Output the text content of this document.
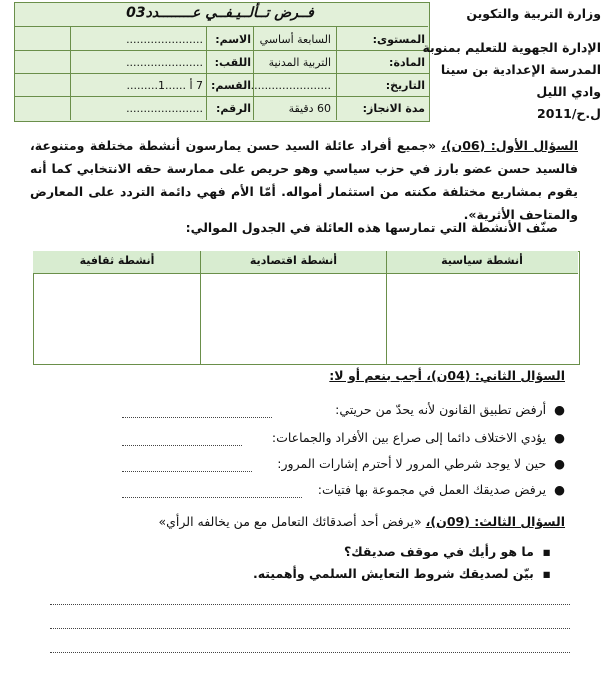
فــرض تــألــيـفــي عــــــــدد03
المستوى:
السابعة أساسي
المادة:
التربية المدنية
التاريخ:
.......................
مدة الانجاز:
60 دقيقة
الاسم:
......................
اللقب:
......................
القسم:
7 أ ......1.........
الرقم:
......................
وزارة التربية والتكوين
الإدارة الجهوية للتعليم بمنوبة
المدرسة الإعدادية بن سينا
وادي الليل
ل.ح/2011
السؤال الأول: (06ن)، «جميع أفراد عائلة السيد حسن يمارسون أنشطة مختلفة ومتنوعة، فالسيد حسن عضو بارز في حزب سياسي وهو حريص على ممارسة حقه الانتخابي كما أنه يقوم بمشاريع مختلفة مكنته من استثمار أمواله. أمّا الأم فهي دائمة التردد على المعارض والمتاحف الأثرية».
صنّف الأنشطة التي تمارسها هذه العائلة في الجدول الموالي:
أنشطة سياسية
أنشطة اقتصادية
أنشطة ثقافية
السؤال الثاني: (04ن)، أجب بنعم أو لا:
●  أرفض تطبيق القانون لأنه يحدّ من حريتي:
●  يؤدي الاختلاف دائما إلى صراع بين الأفراد والجماعات:
●  حين لا يوجد شرطي المرور لا أحترم إشارات المرور:
●  يرفض صديقك العمل في مجموعة بها فتيات:
السؤال الثالث: (09ن)، «يرفض أحد أصدقائك التعامل مع من يخالفه الرأي»
▪  ما هو رأيك في موقف صديقك؟
▪  بيّن لصديقك شروط التعايش السلمي وأهميته.
